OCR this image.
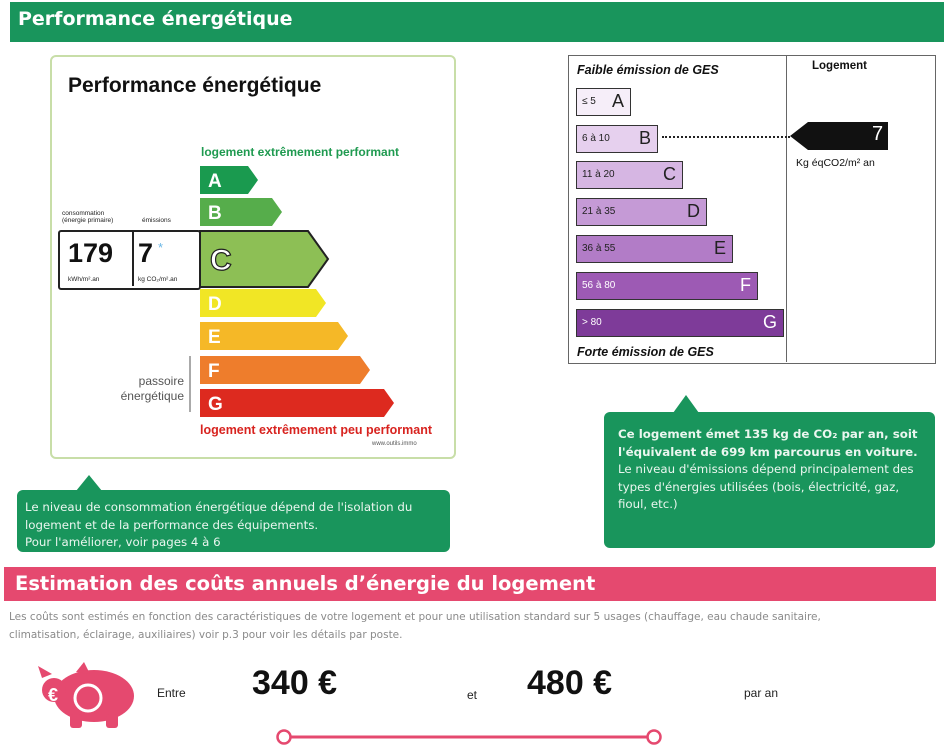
Performance énergétique
Performance énergétique
logement extrêmement performant
A
B
C
D
E
F
G
consommation
(énergie primaire)	émissions
179
kWh/m².an
7 *
kg CO₂/m².an
passoire
énergétique
logement extrêmement peu performant
www.outils.immo

Le niveau de consommation énergétique dépend de l'isolation du
logement et de la performance des équipements.
Pour l'améliorer, voir pages 4 à 6

Faible émission de GES
Forte émission de GES
Logement
≤ 5 A
6 à 10 B
11 à 20	C
21 à 35	D
36 à 55	E
56 à 80	F
> 80	G
7
Kg éqCO2/m² an

Ce logement émet 135 kg de CO₂ par an, soit
l'équivalent de 699 km parcourus en voiture.
Le niveau d'émissions dépend principalement des
types d'énergies utilisées (bois, électricité, gaz,
fioul, etc.)

Estimation des coûts annuels d’énergie du logement
Les coûts sont estimés en fonction des caractéristiques de votre logement et pour une utilisation standard sur 5 usages (chauffage, eau chaude sanitaire,
climatisation, éclairage, auxiliaires) voir p.3 pour voir les détails par poste.
€	Entre 340 €	et 480 €	par an
